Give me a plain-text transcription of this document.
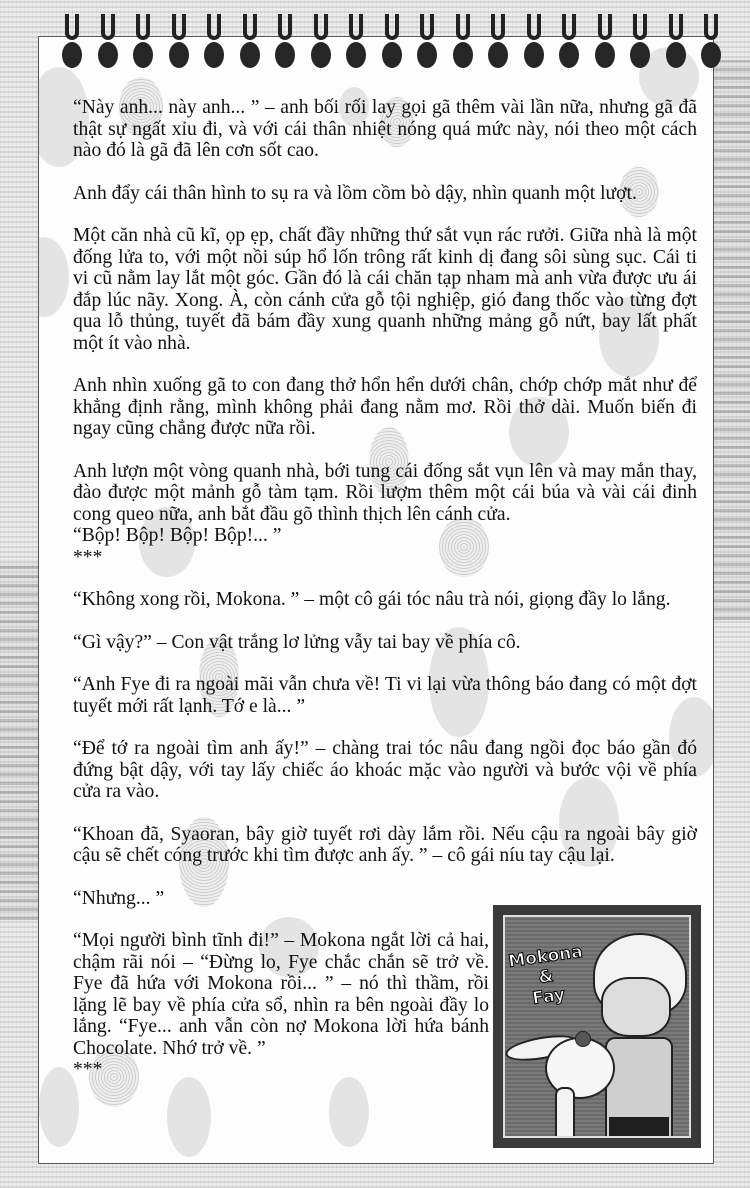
“Này anh... này anh... ” – anh bối rối lay gọi gã thêm vài lần nữa, nhưng gã đã thật sự ngất xỉu đi, và với cái thân nhiệt nóng quá mức này, nói theo một cách nào đó là gã đã lên cơn sốt cao.

Anh đẩy cái thân hình to sụ ra và lồm cồm bò dậy, nhìn quanh một lượt.

Một căn nhà cũ kĩ, ọp ẹp, chất đầy những thứ sắt vụn rác rưởi. Giữa nhà là một đống lửa to, với một nồi súp hổ lốn trông rất kinh dị đang sôi sùng sục. Cái ti vi cũ nằm lay lắt một góc. Gần đó là cái chăn tạp nham mà anh vừa được ưu ái đắp lúc nãy. Xong. À, còn cánh cửa gỗ tội nghiệp, gió đang thốc vào từng đợt qua lỗ thủng, tuyết đã bám đầy xung quanh những mảng gỗ nứt, bay lất phất một ít vào nhà.

Anh nhìn xuống gã to con đang thở hổn hển dưới chân, chớp chớp mắt như để khẳng định rằng, mình không phải đang nằm mơ. Rồi thở dài. Muốn biến đi ngay cũng chẳng được nữa rồi.

Anh lượn một vòng quanh nhà, bới tung cái đống sắt vụn lên và may mắn thay, đào được một mảnh gỗ tàm tạm. Rồi lượm thêm một cái búa và vài cái đinh cong queo nữa, anh bắt đầu gõ thình thịch lên cánh cửa.

“Bộp! Bộp! Bộp! Bộp!... ”

***

“Không xong rồi, Mokona. ” – một cô gái tóc nâu trà nói, giọng đầy lo lắng.

“Gì vậy?” – Con vật trắng lơ lửng vẫy tai bay về phía cô.

“Anh Fye đi ra ngoài mãi vẫn chưa về! Ti vi lại vừa thông báo đang có một đợt tuyết mới rất lạnh. Tớ e là... ”

“Để tớ ra ngoài tìm anh ấy!” – chàng trai tóc nâu đang ngồi đọc báo gần đó đứng bật dậy, với tay lấy chiếc áo khoác mặc vào người và bước vội về phía cửa ra vào.

“Khoan đã, Syaoran, bây giờ tuyết rơi dày lắm rồi. Nếu cậu ra ngoài bây giờ cậu sẽ chết cóng trước khi tìm được anh ấy. ” – cô gái níu tay cậu lại.

“Nhưng... ”

“Mọi người bình tĩnh đi!” – Mokona ngắt lời cả hai, chậm rãi nói – “Đừng lo, Fye chắc chắn sẽ trở về. Fye đã hứa với Mokona rồi... ” – nó thì thầm, rồi lặng lẽ bay về phía cửa sổ, nhìn ra bên ngoài đầy lo lắng. “Fye... anh vẫn còn nợ Mokona lời hứa bánh Chocolate. Nhớ trở về. ”

***

Mokona
&
Fay
